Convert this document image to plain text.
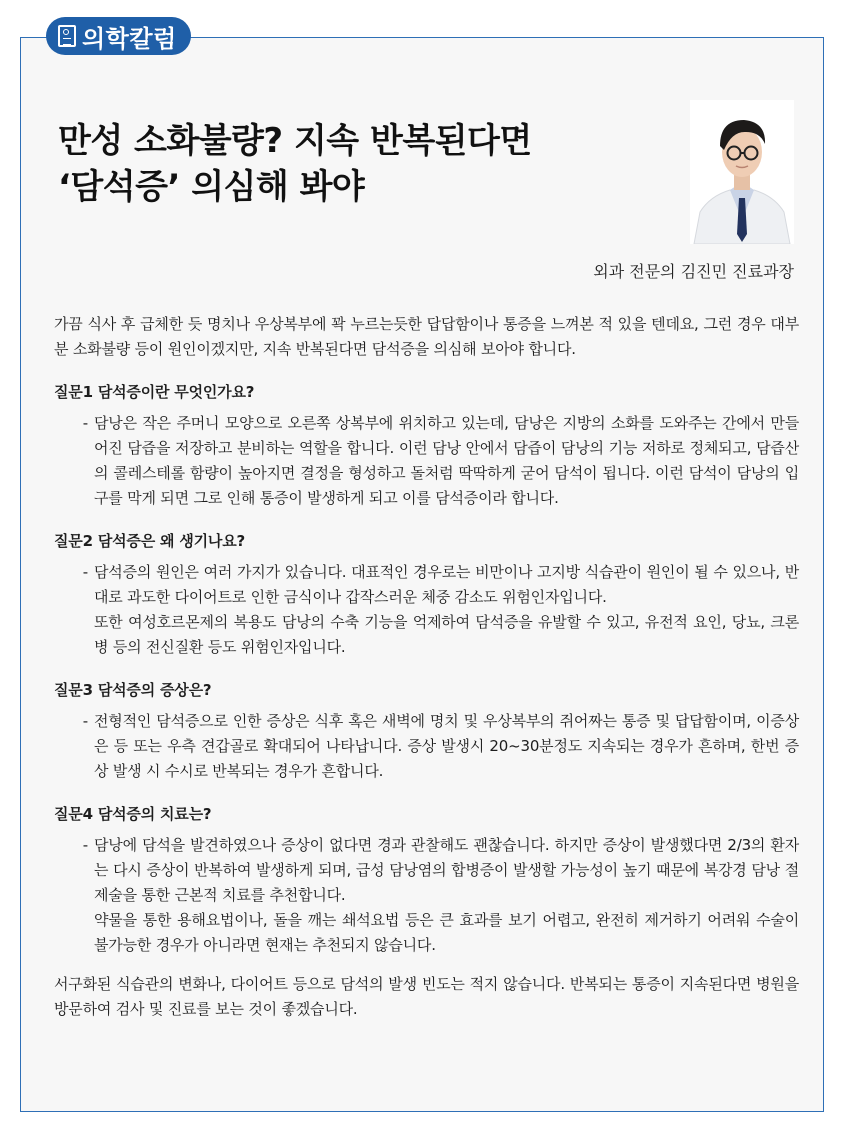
의학칼럼
만성 소화불량? 지속 반복된다면
‘담석증’ 의심해 봐야
외과 전문의 김진민 진료과장

가끔 식사 후 급체한 듯 명치나 우상복부에 꽉 누르는듯한 답답함이나 통증을 느껴본 적 있을 텐데요, 그런 경우 대부분 소화불량 등이 원인이겠지만, 지속 반복된다면 담석증을 의심해 보아야 합니다.

질문1 담석증이란 무엇인가요?

- 담낭은 작은 주머니 모양으로 오른쪽 상복부에 위치하고 있는데, 담낭은 지방의 소화를 도와주는 간에서 만들어진 담즙을 저장하고 분비하는 역할을 합니다. 이런 담낭 안에서 담즙이 담낭의 기능 저하로 정체되고, 담즙산의 콜레스테롤 함량이 높아지면 결정을 형성하고 돌처럼 딱딱하게 굳어 담석이 됩니다. 이런 담석이 담낭의 입구를 막게 되면 그로 인해 통증이 발생하게 되고 이를 담석증이라 합니다.

질문2 담석증은 왜 생기나요?

- 담석증의 원인은 여러 가지가 있습니다. 대표적인 경우로는 비만이나 고지방 식습관이 원인이 될 수 있으나, 반대로 과도한 다이어트로 인한 금식이나 갑작스러운 체중 감소도 위험인자입니다.
또한 여성호르몬제의 복용도 담낭의 수축 기능을 억제하여 담석증을 유발할 수 있고, 유전적 요인, 당뇨, 크론병 등의 전신질환 등도 위험인자입니다.

질문3 담석증의 증상은?

- 전형적인 담석증으로 인한 증상은 식후 혹은 새벽에 명치 및 우상복부의 쥐어짜는 통증 및 답답함이며, 이증상은 등 또는 우측 견갑골로 확대되어 나타납니다. 증상 발생시 20~30분정도 지속되는 경우가 흔하며, 한번 증상 발생 시 수시로 반복되는 경우가 흔합니다.

질문4 담석증의 치료는?

- 담낭에 담석을 발견하였으나 증상이 없다면 경과 관찰해도 괜찮습니다. 하지만 증상이 발생했다면 2/3의 환자는 다시 증상이 반복하여 발생하게 되며, 급성 담낭염의 합병증이 발생할 가능성이 높기 때문에 복강경 담낭 절제술을 통한 근본적 치료를 추천합니다.
약물을 통한 용해요법이나, 돌을 깨는 쇄석요법 등은 큰 효과를 보기 어렵고, 완전히 제거하기 어려워 수술이 불가능한 경우가 아니라면 현재는 추천되지 않습니다.

서구화된 식습관의 변화나, 다이어트 등으로 담석의 발생 빈도는 적지 않습니다. 반복되는 통증이 지속된다면 병원을 방문하여 검사 및 진료를 보는 것이 좋겠습니다.
